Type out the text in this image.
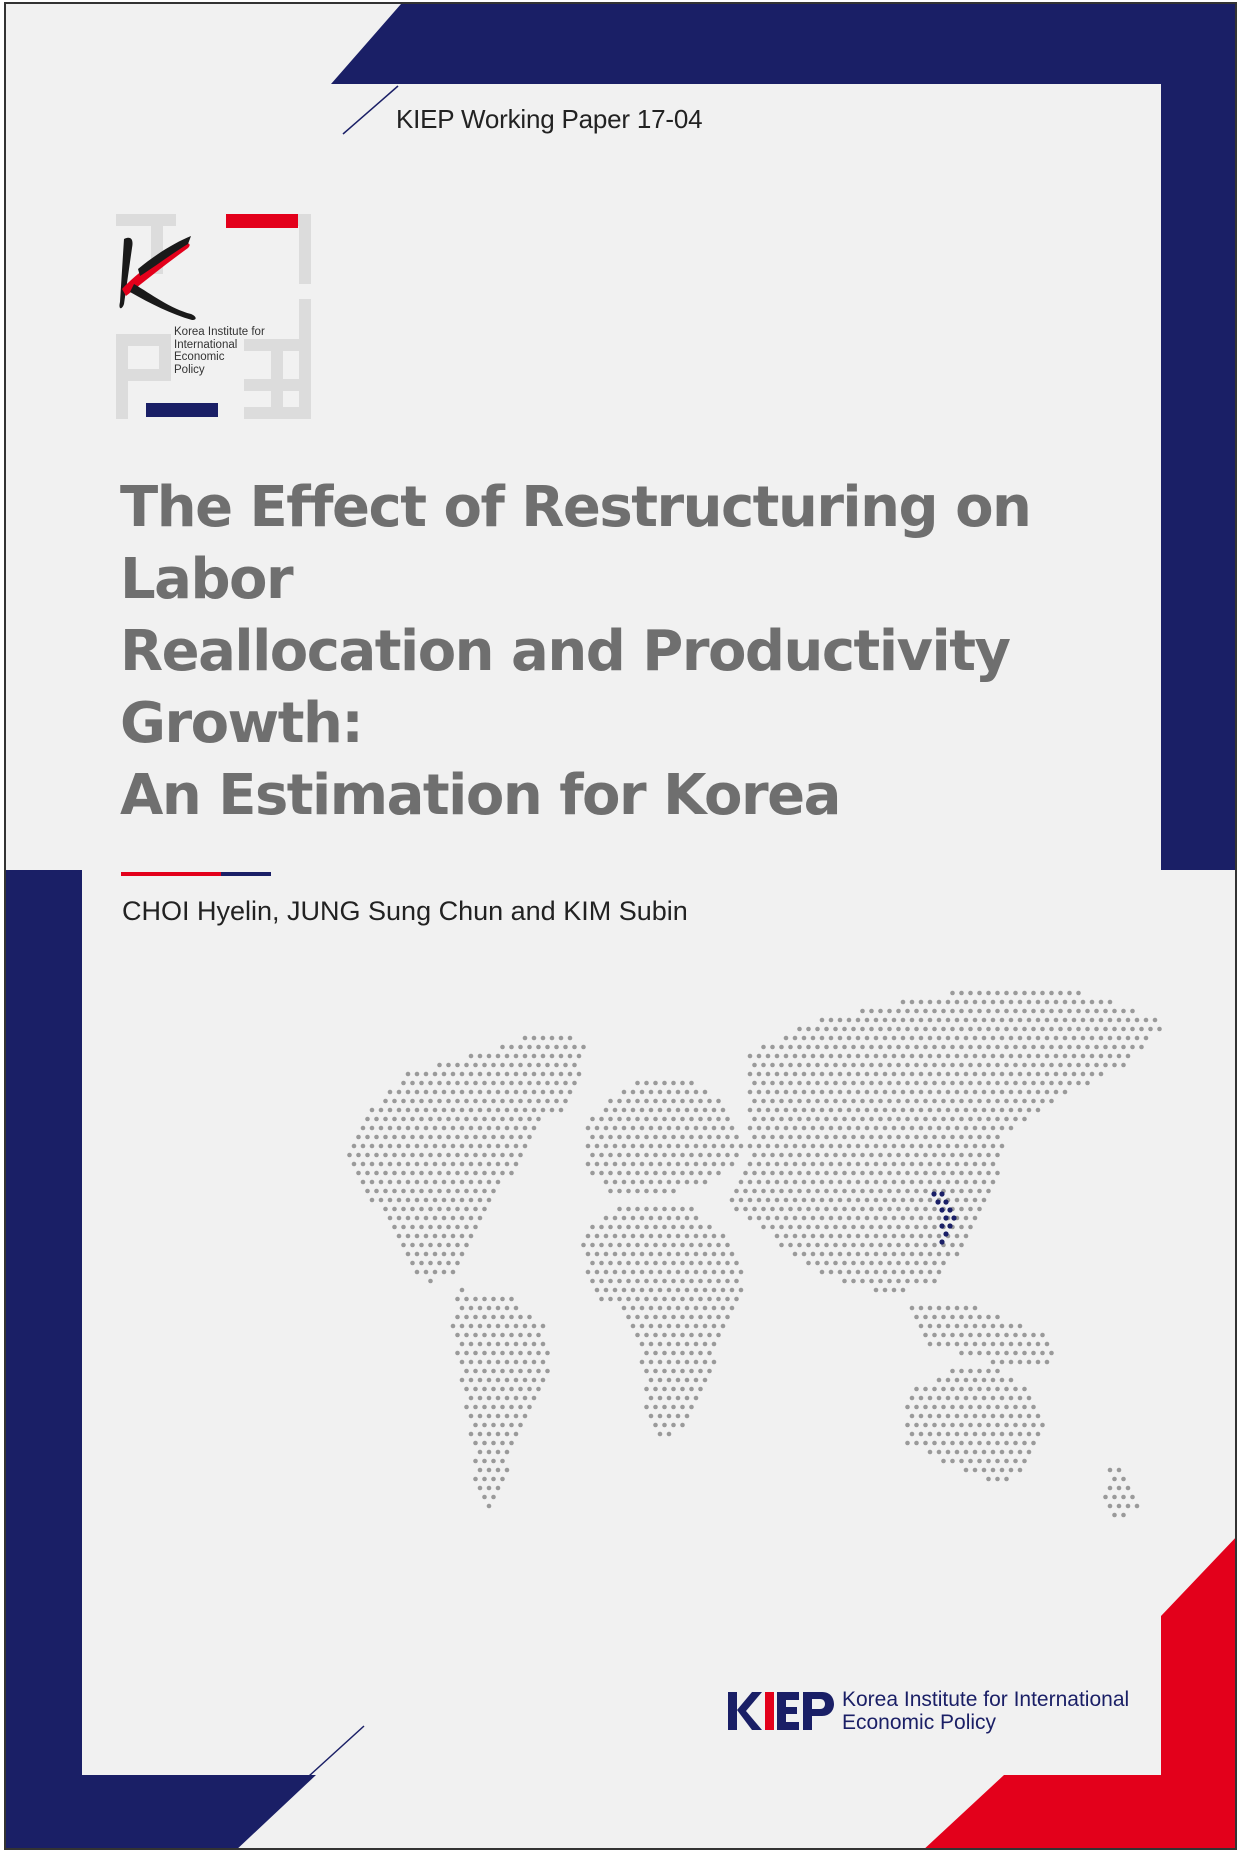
KIEP Working Paper 17-04
Korea Institute for
International
Economic
Policy
The Effect of Restructuring on Labor
Reallocation and Productivity Growth:
An Estimation for Korea
CHOI Hyelin, JUNG Sung Chun and KIM Subin
Korea Institute for International
Economic Policy
